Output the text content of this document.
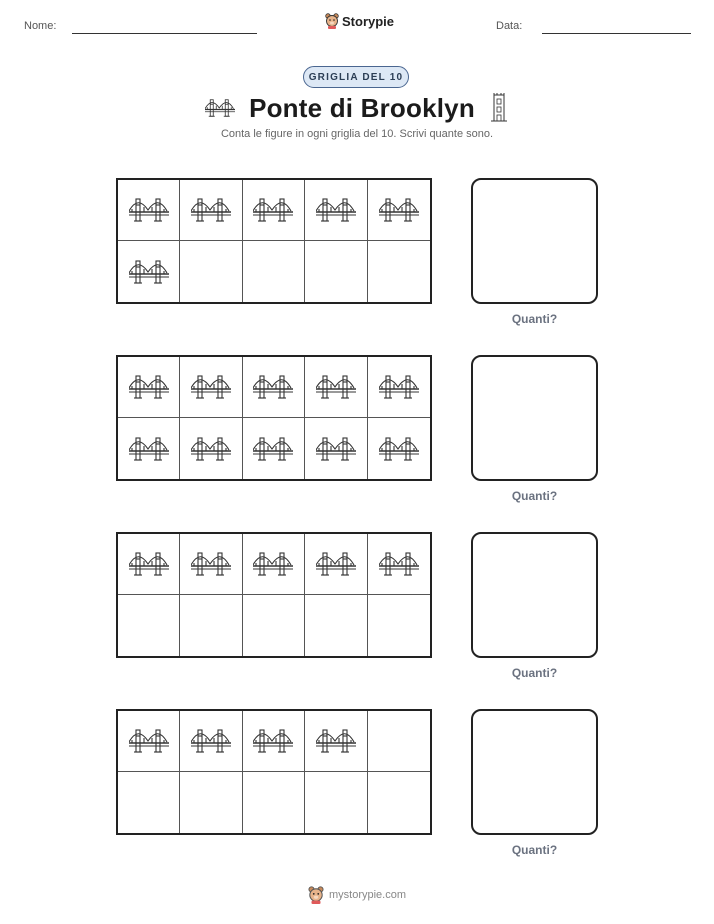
Nome:	Storypie	Data:
GRIGLIA DEL 10
Ponte di Brooklyn
Conta le figure in ogni griglia del 10. Scrivi quante sono.
Quanti?
Quanti?
Quanti?
Quanti?
mystorypie.com
